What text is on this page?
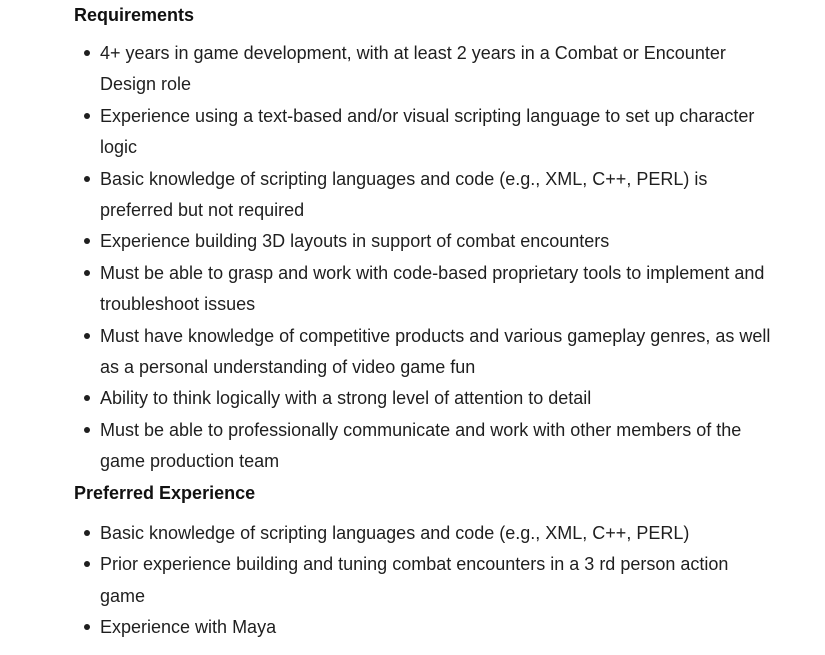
Requirements
4+ years in game development, with at least 2 years in a Combat or Encounter Design role
Experience using a text-based and/or visual scripting language to set up character logic
Basic knowledge of scripting languages and code (e.g., XML, C++, PERL) is preferred but not required
Experience building 3D layouts in support of combat encounters
Must be able to grasp and work with code-based proprietary tools to implement and troubleshoot issues
Must have knowledge of competitive products and various gameplay genres, as well as a personal understanding of video game fun
Ability to think logically with a strong level of attention to detail
Must be able to professionally communicate and work with other members of the game production team
Preferred Experience
Basic knowledge of scripting languages and code (e.g., XML, C++, PERL)
Prior experience building and tuning combat encounters in a 3 rd person action game
Experience with Maya
